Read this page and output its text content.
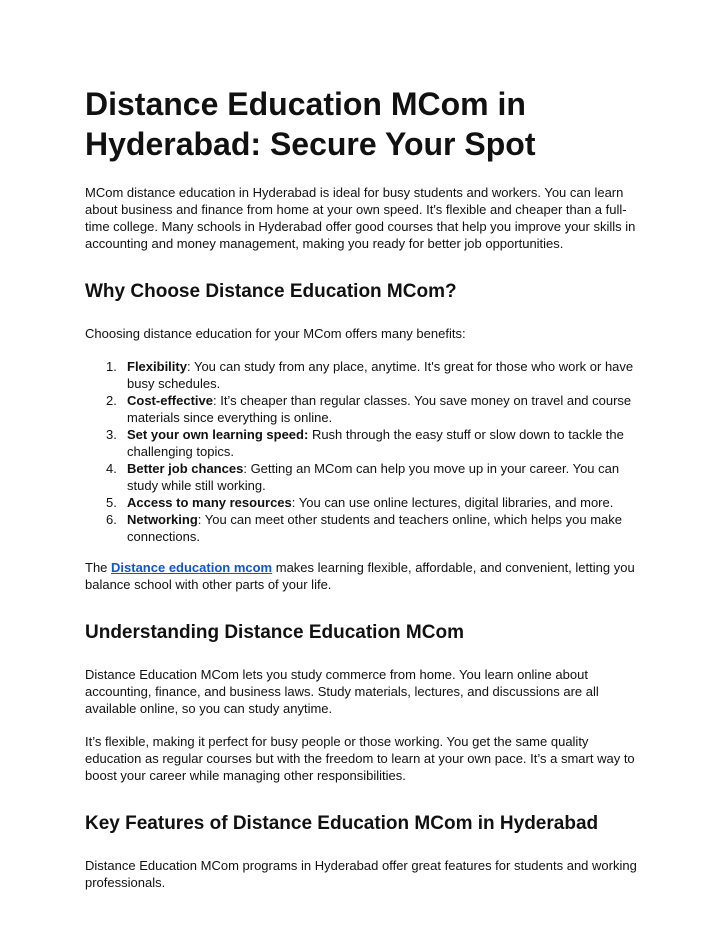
Distance Education MCom in Hyderabad: Secure Your Spot

MCom distance education in Hyderabad is ideal for busy students and workers. You can learn about business and finance from home at your own speed. It's flexible and cheaper than a full-time college. Many schools in Hyderabad offer good courses that help you improve your skills in accounting and money management, making you ready for better job opportunities.

Why Choose Distance Education MCom?

Choosing distance education for your MCom offers many benefits:

1. Flexibility: You can study from any place, anytime. It's great for those who work or have busy schedules.
2. Cost-effective: It’s cheaper than regular classes. You save money on travel and course materials since everything is online.
3. Set your own learning speed: Rush through the easy stuff or slow down to tackle the challenging topics.
4. Better job chances: Getting an MCom can help you move up in your career. You can study while still working.
5. Access to many resources: You can use online lectures, digital libraries, and more.
6. Networking: You can meet other students and teachers online, which helps you make connections.

The Distance education mcom makes learning flexible, affordable, and convenient, letting you balance school with other parts of your life.

Understanding Distance Education MCom

Distance Education MCom lets you study commerce from home. You learn online about accounting, finance, and business laws. Study materials, lectures, and discussions are all available online, so you can study anytime.

It’s flexible, making it perfect for busy people or those working. You get the same quality education as regular courses but with the freedom to learn at your own pace. It’s a smart way to boost your career while managing other responsibilities.

Key Features of Distance Education MCom in Hyderabad

Distance Education MCom programs in Hyderabad offer great features for students and working professionals.
